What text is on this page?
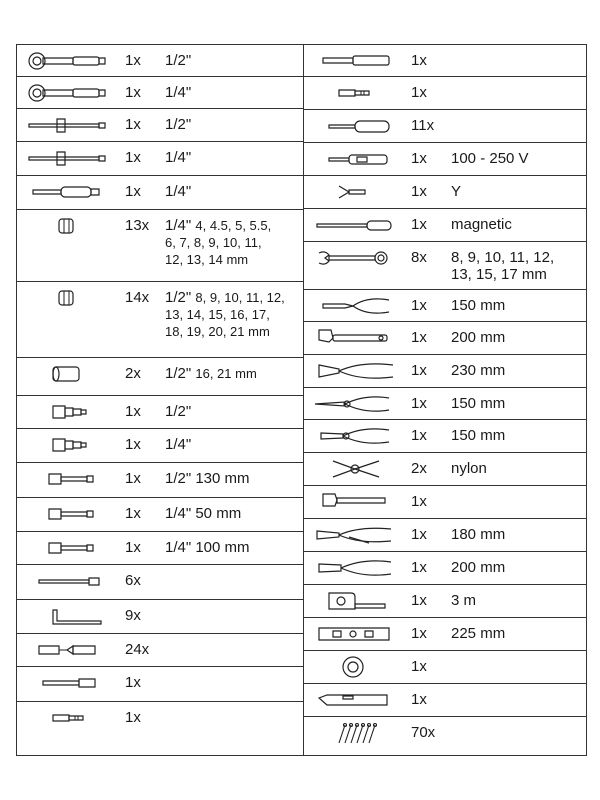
1x 1/2"
1x 1/4"
1x 1/2"
1x 1/4"
1x 1/4"
13x 1/4" 4, 4.5, 5, 5.5,
6, 7, 8, 9, 10, 11,
12, 13, 14 mm
14x 1/2" 8, 9, 10, 11, 12,
13, 14, 15, 16, 17,
18, 19, 20, 21 mm
2x 1/2" 16, 21 mm
1x 1/2"
1x 1/4"
1x 1/2" 130 mm
1x 1/4" 50 mm
1x 1/4" 100 mm
6x
9x
24x
1x
1x
1x
1x
11x
1x 100 - 250 V
1x Y
1x magnetic
8x 8, 9, 10, 11, 12,
13, 15, 17 mm
1x 150 mm
1x 200 mm
1x 230 mm
1x 150 mm
1x 150 mm
2x nylon
1x
1x 180 mm
1x 200 mm
1x 3 m
1x 225 mm
1x
1x
70x
